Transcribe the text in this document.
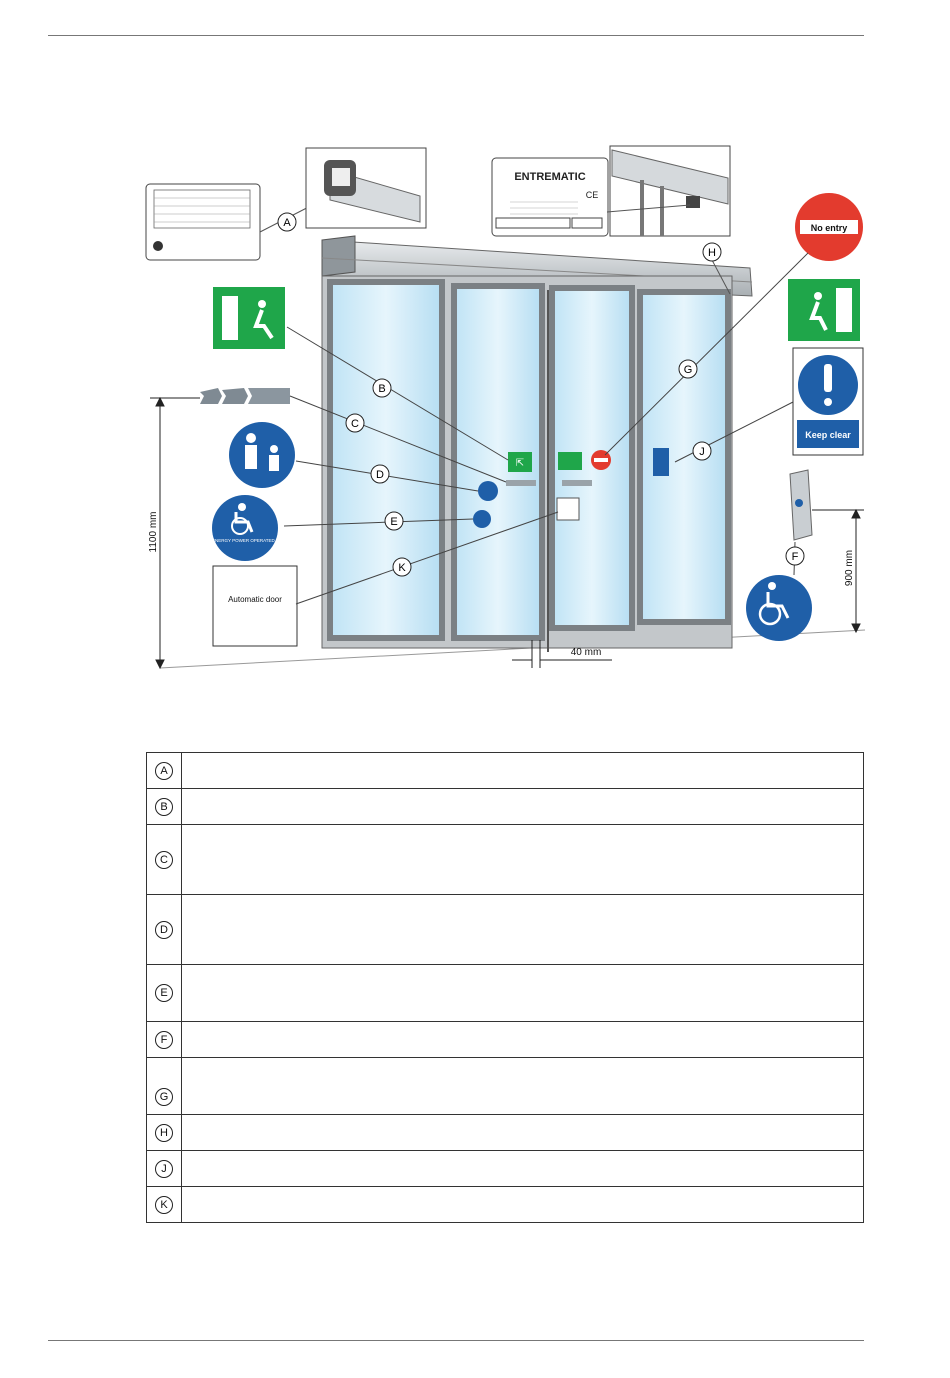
⇱
ENTREMATIC
CE
No entry
Keep clear
LOW ENERGY POWER OPERATED DOOR
Automatic door
1100 mm
900 mm
40 mm
A
H
B
G
C
J
D
E
K
F
A	
B	
C	
D	
E	
F	
G	
H	
J	
K	
